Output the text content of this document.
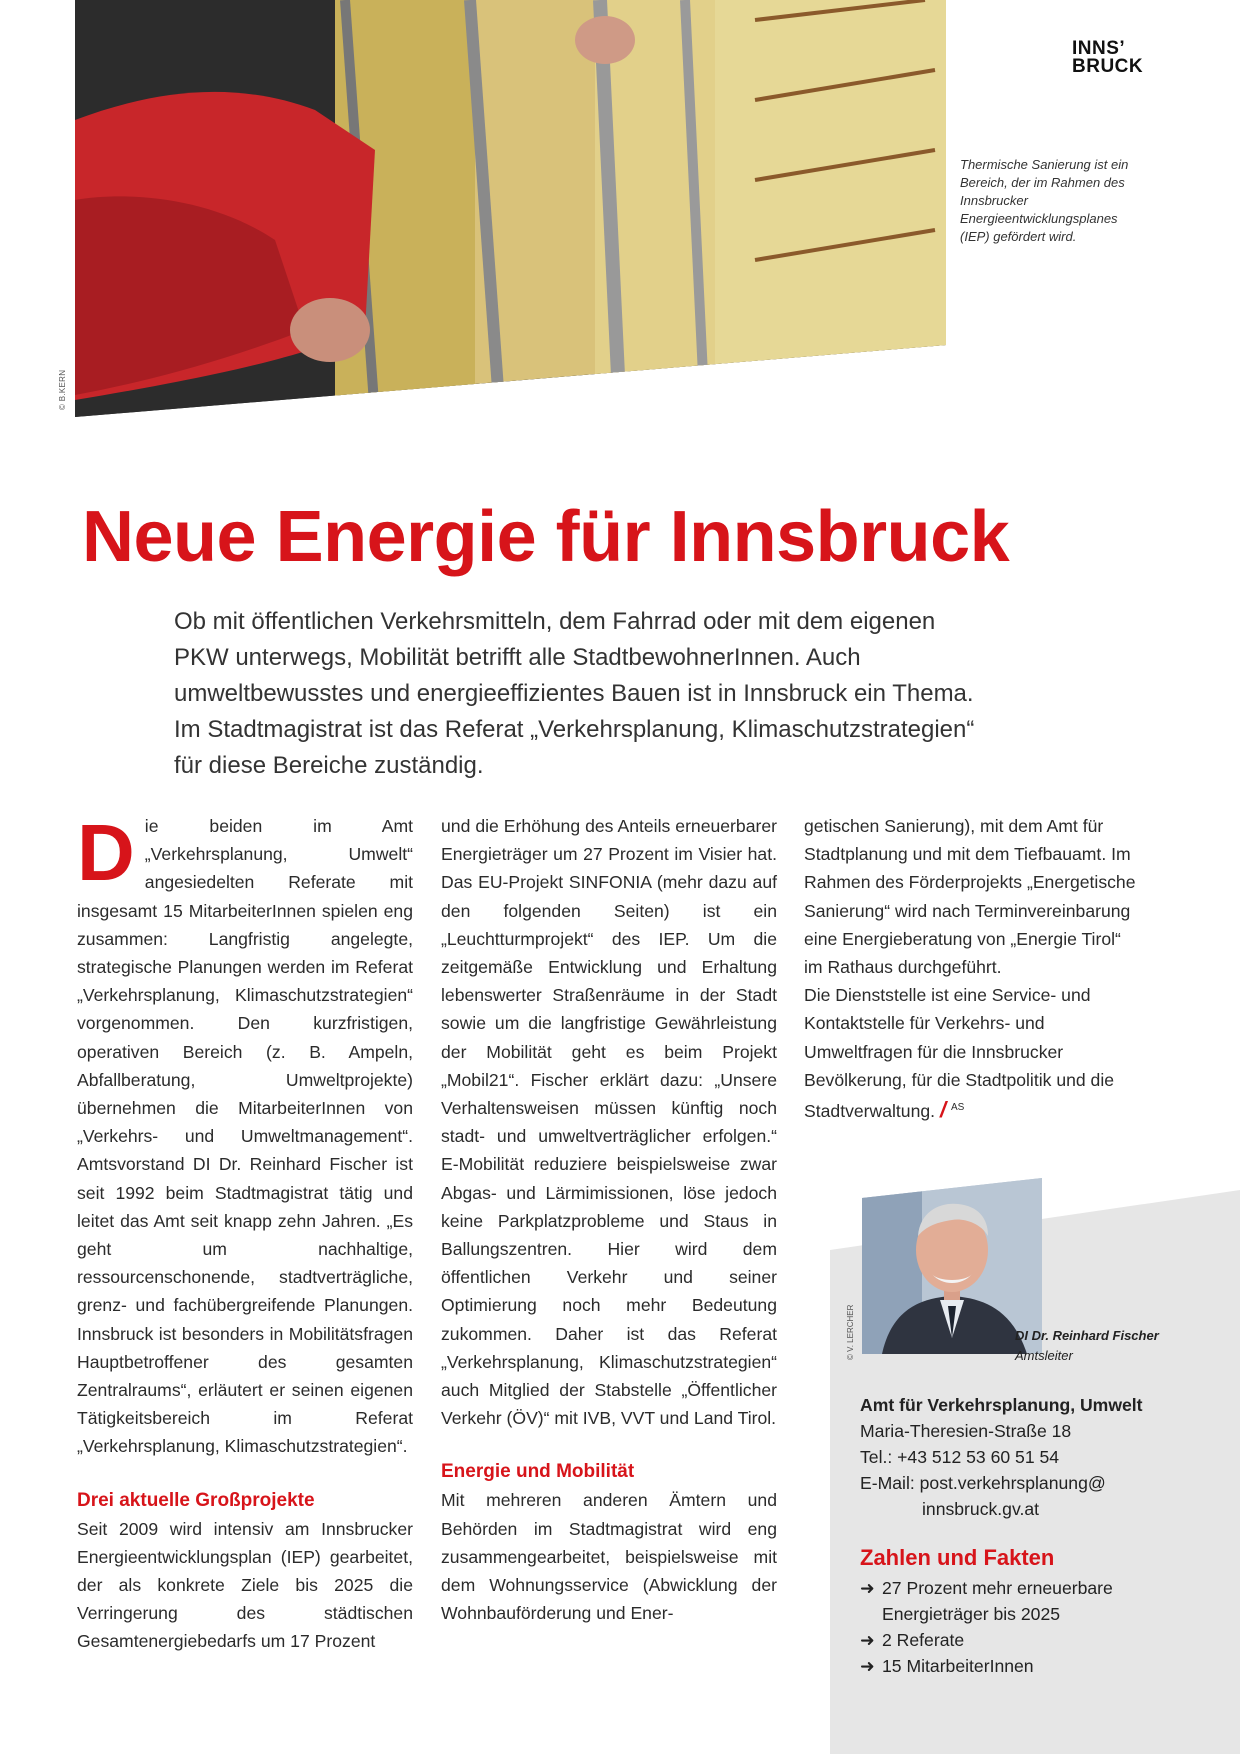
© B.KERN
INNS’
BRUCK
Thermische Sanierung ist ein Bereich, der im Rahmen des Innsbrucker Energieentwicklungsplanes (IEP) gefördert wird.
Neue Energie für Innsbruck
Ob mit öffentlichen Verkehrsmitteln, dem Fahrrad oder mit dem eigenen PKW unterwegs, Mobilität betrifft alle StadtbewohnerInnen. Auch umweltbewusstes und energieeffizientes Bauen ist in Innsbruck ein Thema. Im Stadtmagistrat ist das Referat „Verkehrsplanung, Klimaschutzstrategien“ für diese Bereiche zuständig.
D ie beiden im Amt „Verkehrsplanung, Umwelt“ angesiedelten Referate mit insgesamt 15 MitarbeiterInnen spielen eng zusammen: Langfristig angelegte, strategische Planungen werden im Referat „Verkehrsplanung, Klimaschutzstrategien“ vorgenommen. Den kurzfristigen, operativen Bereich (z. B. Ampeln, Abfallberatung, Umweltprojekte) übernehmen die MitarbeiterInnen von „Verkehrs- und Umweltmanagement“. Amtsvorstand DI Dr. Reinhard Fischer ist seit 1992 beim Stadtmagistrat tätig und leitet das Amt seit knapp zehn Jahren. „Es geht um nachhaltige, ressourcenschonende, stadtverträgliche, grenz- und fachübergreifende Planungen. Innsbruck ist besonders in Mobilitätsfragen Hauptbetroffener des gesamten Zentralraums“, erläutert er seinen eigenen Tätigkeitsbereich im Referat „Verkehrsplanung, Klimaschutzstrategien“.

Drei aktuelle Großprojekte

Seit 2009 wird intensiv am Innsbrucker Energieentwicklungsplan (IEP) gearbeitet, der als konkrete Ziele bis 2025 die Verringerung des städtischen Gesamtenergiebedarfs um 17 Prozent

und die Erhöhung des Anteils erneuerbarer Energieträger um 27 Prozent im Visier hat. Das EU-Projekt SINFONIA (mehr dazu auf den folgenden Seiten) ist ein „Leuchtturmprojekt“ des IEP. Um die zeitgemäße Entwicklung und Erhaltung lebenswerter Straßenräume in der Stadt sowie um die langfristige Gewährleistung der Mobilität geht es beim Projekt „Mobil21“. Fischer erklärt dazu: „Unsere Verhaltensweisen müssen künftig noch stadt- und umweltverträglicher erfolgen.“ E-Mobilität reduziere beispielsweise zwar Abgas- und Lärmimissionen, löse jedoch keine Parkplatzprobleme und Staus in Ballungszentren. Hier wird dem öffentlichen Verkehr und seiner Optimierung noch mehr Bedeutung zukommen. Daher ist das Referat „Verkehrsplanung, Klimaschutzstrategien“ auch Mitglied der Stabstelle „Öffentlicher Verkehr (ÖV)“ mit IVB, VVT und Land Tirol.

Energie und Mobilität

Mit mehreren anderen Ämtern und Behörden im Stadtmagistrat wird eng zusammengearbeitet, beispielsweise mit dem Wohnungsservice (Abwicklung der Wohnbauförderung und Ener-

getischen Sanierung), mit dem Amt für Stadtplanung und mit dem Tiefbauamt. Im Rahmen des Förderprojekts „Energetische Sanierung“ wird nach Terminvereinbarung eine Energieberatung von „Energie Tirol“ im Rathaus durchgeführt.

Die Dienststelle ist eine Service- und Kontaktstelle für Verkehrs- und Umweltfragen für die Innsbrucker Bevölkerung, für die Stadtpolitik und die Stadtverwaltung. / $^{AS}$

© V. LERCHER	DI Dr. Reinhard Fischer
Amtsleiter
Amt für Verkehrsplanung, Umwelt
Maria-Theresien-Straße 18
Tel.: +43 512 53 60 51 54
E-Mail: post.verkehrsplanung@
innsbruck.gv.at
Zahlen und Fakten
➜ 27 Prozent mehr erneuerbare
Energieträger bis 2025
➜ 2 Referate
➜ 15 MitarbeiterInnen
